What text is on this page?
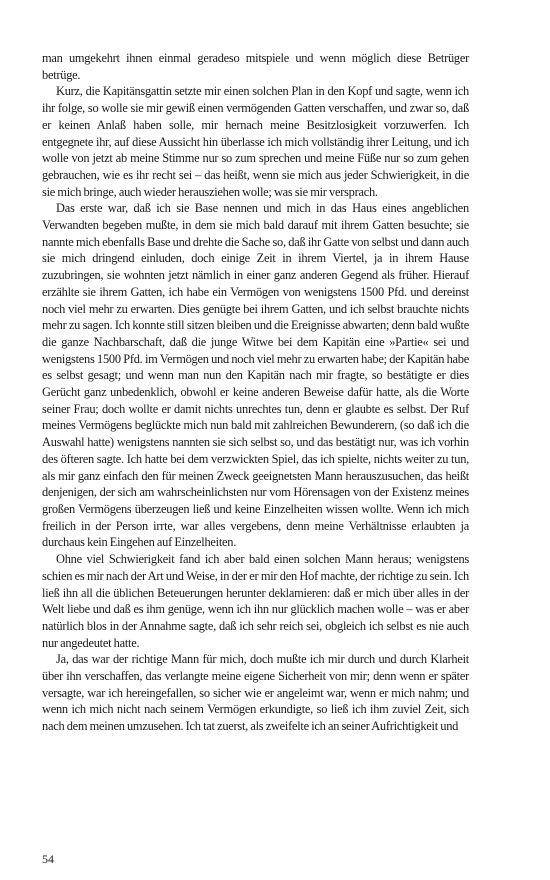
man umgekehrt ihnen einmal geradeso mitspiele und wenn möglich diese Betrüger betrüge.

Kurz, die Kapitänsgattin setzte mir einen solchen Plan in den Kopf und sagte, wenn ich ihr folge, so wolle sie mir gewiß einen vermögenden Gatten verschaffen, und zwar so, daß er keinen Anlaß haben solle, mir hernach meine Besitzlosigkeit vorzuwerfen. Ich entgegnete ihr, auf diese Aussicht hin überlasse ich mich vollständig ihrer Leitung, und ich wolle von jetzt ab meine Stimme nur so zum sprechen und meine Füße nur so zum gehen gebrauchen, wie es ihr recht sei – das heißt, wenn sie mich aus jeder Schwierigkeit, in die sie mich bringe, auch wieder herausziehen wolle; was sie mir versprach.

Das erste war, daß ich sie Base nennen und mich in das Haus eines angeblichen Verwandten begeben mußte, in dem sie mich bald darauf mit ihrem Gatten besuchte; sie nannte mich ebenfalls Base und drehte die Sache so, daß ihr Gatte von selbst und dann auch sie mich dringend einluden, doch einige Zeit in ihrem Viertel, ja in ihrem Hause zuzubringen, sie wohnten jetzt nämlich in einer ganz anderen Gegend als früher. Hierauf erzählte sie ihrem Gatten, ich habe ein Vermögen von wenigstens 1500 Pfd. und dereinst noch viel mehr zu erwarten. Dies genügte bei ihrem Gatten, und ich selbst brauchte nichts mehr zu sagen. Ich konnte still sitzen bleiben und die Ereignisse abwarten; denn bald wußte die ganze Nachbarschaft, daß die junge Witwe bei dem Kapitän eine »Partie« sei und wenigstens 1500 Pfd. im Vermögen und noch viel mehr zu erwarten habe; der Kapitän habe es selbst gesagt; und wenn man nun den Kapitän nach mir fragte, so bestätigte er dies Gerücht ganz unbedenklich, obwohl er keine anderen Beweise dafür hatte, als die Worte seiner Frau; doch wollte er damit nichts unrechtes tun, denn er glaubte es selbst. Der Ruf meines Vermögens beglückte mich nun bald mit zahlreichen Bewunderern, (so daß ich die Auswahl hatte) wenigstens nannten sie sich selbst so, und das bestätigt nur, was ich vorhin des öfteren sagte. Ich hatte bei dem verzwickten Spiel, das ich spielte, nichts weiter zu tun, als mir ganz einfach den für meinen Zweck geeignetsten Mann herauszusuchen, das heißt denjenigen, der sich am wahrscheinlichsten nur vom Hörensagen von der Existenz meines großen Vermögens überzeugen ließ und keine Einzelheiten wissen wollte. Wenn ich mich freilich in der Person irrte, war alles vergebens, denn meine Verhältnisse erlaubten ja durchaus kein Eingehen auf Einzelheiten.

Ohne viel Schwierigkeit fand ich aber bald einen solchen Mann heraus; wenigstens schien es mir nach der Art und Weise, in der er mir den Hof machte, der richtige zu sein. Ich ließ ihn all die üblichen Beteuerungen herunter deklamieren: daß er mich über alles in der Welt liebe und daß es ihm genüge, wenn ich ihn nur glücklich machen wolle – was er aber natürlich blos in der Annahme sagte, daß ich sehr reich sei, obgleich ich selbst es nie auch nur angedeutet hatte.

Ja, das war der richtige Mann für mich, doch mußte ich mir durch und durch Klarheit über ihn verschaffen, das verlangte meine eigene Sicherheit von mir; denn wenn er später versagte, war ich hereingefallen, so sicher wie er angeleimt war, wenn er mich nahm; und wenn ich mich nicht nach seinem Vermögen erkundigte, so ließ ich ihm zuviel Zeit, sich nach dem meinen umzusehen. Ich tat zuerst, als zweifelte ich an seiner Aufrichtigkeit und

54
